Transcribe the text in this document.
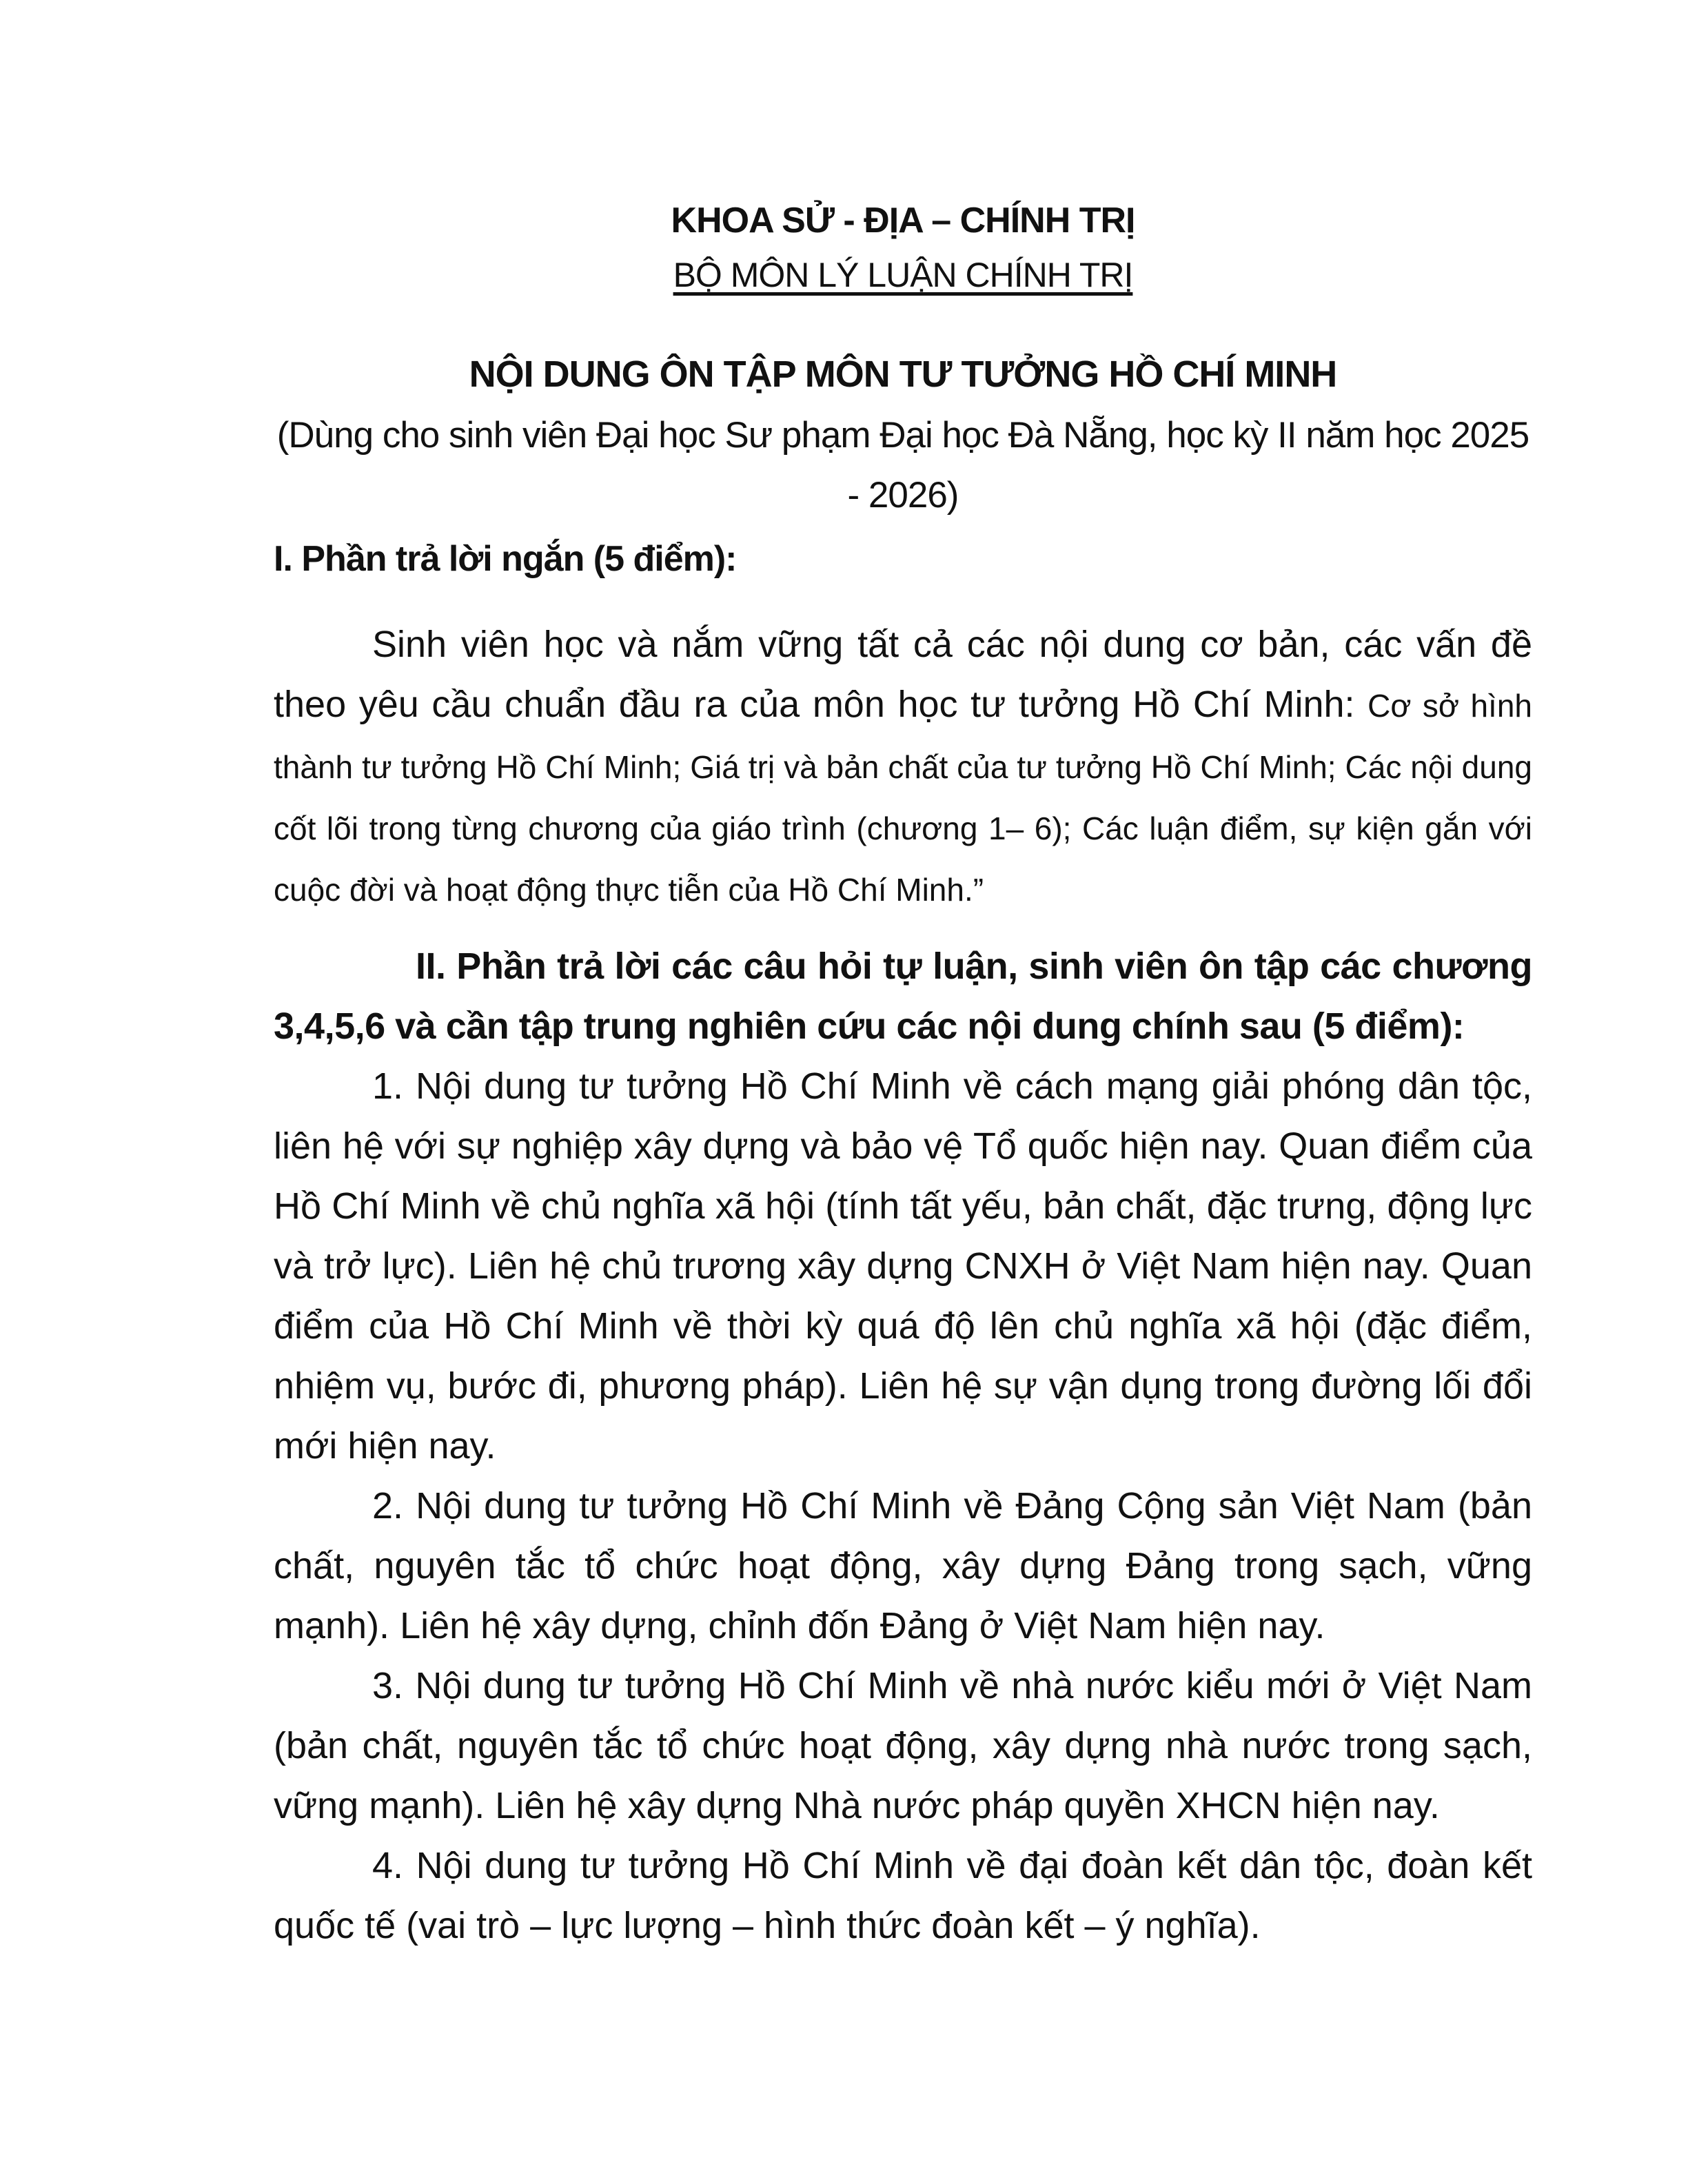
KHOA SỬ - ĐỊA – CHÍNH TRỊ
BỘ MÔN LÝ LUẬN CHÍNH TRỊ
NỘI DUNG ÔN TẬP MÔN TƯ TƯỞNG HỒ CHÍ MINH
(Dùng cho sinh viên Đại học Sư phạm Đại học Đà Nẵng, học kỳ II năm học 2025 - 2026)
I. Phần trả lời ngắn (5 điểm):

Sinh viên học và nắm vững tất cả các nội dung cơ bản, các vấn đề theo yêu cầu chuẩn đầu ra của môn học tư tưởng Hồ Chí Minh: Cơ sở hình thành tư tưởng Hồ Chí Minh; Giá trị và bản chất của tư tưởng Hồ Chí Minh; Các nội dung cốt lõi trong từng chương của giáo trình (chương 1– 6); Các luận điểm, sự kiện gắn với cuộc đời và hoạt động thực tiễn của Hồ Chí Minh.”

II. Phần trả lời các câu hỏi tự luận, sinh viên ôn tập các chương 3,4,5,6 và cần tập trung nghiên cứu các nội dung chính sau (5 điểm):

1. Nội dung tư tưởng Hồ Chí Minh về cách mạng giải phóng dân tộc, liên hệ với sự nghiệp xây dựng và bảo vệ Tổ quốc hiện nay. Quan điểm của Hồ Chí Minh về chủ nghĩa xã hội (tính tất yếu, bản chất, đặc trưng, động lực và trở lực). Liên hệ chủ trương xây dựng CNXH ở Việt Nam hiện nay. Quan điểm của Hồ Chí Minh về thời kỳ quá độ lên chủ nghĩa xã hội (đặc điểm, nhiệm vụ, bước đi, phương pháp). Liên hệ sự vận dụng trong đường lối đổi mới hiện nay.

2. Nội dung tư tưởng Hồ Chí Minh về Đảng Cộng sản Việt Nam (bản chất, nguyên tắc tổ chức hoạt động, xây dựng Đảng trong sạch, vững mạnh). Liên hệ xây dựng, chỉnh đốn Đảng ở Việt Nam hiện nay.

3. Nội dung tư tưởng Hồ Chí Minh về nhà nước kiểu mới ở Việt Nam (bản chất, nguyên tắc tổ chức hoạt động, xây dựng nhà nước trong sạch, vững mạnh). Liên hệ xây dựng Nhà nước pháp quyền XHCN hiện nay.

4. Nội dung tư tưởng Hồ Chí Minh về đại đoàn kết dân tộc, đoàn kết quốc tế (vai trò – lực lượng – hình thức đoàn kết – ý nghĩa).
